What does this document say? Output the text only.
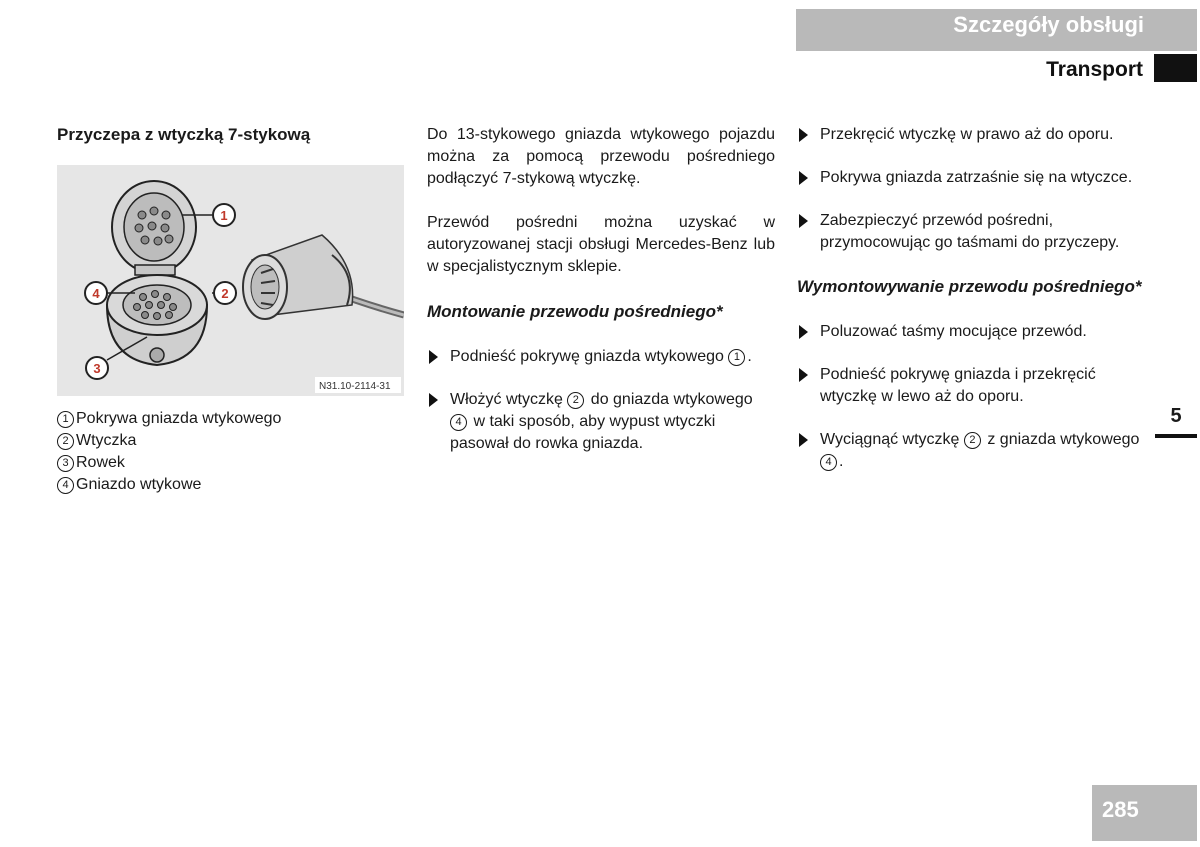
Szczegóły obsługi
Transport
5
285
Przyczepa z wtyczką 7-stykową
1
2
4
3
N31.10-2114-31
1 Pokrywa gniazda wtykowego
2 Wtyczka
3 Rowek
4 Gniazdo wtykowe

Do 13-stykowego gniazda wtykowego pojazdu można za pomocą przewodu pośredniego podłączyć 7-stykową wtyczkę.

Przewód pośredni można uzyskać w autoryzowanej stacji obsługi Mercedes-Benz lub w specjalistycznym sklepie.

Montowanie przewodu pośredniego*
Podnieść pokrywę gniazda wtykowego 1 .
Włożyć wtyczkę 2 do gniazda wtykowego 4 w taki sposób, aby wypust wtyczki pasował do rowka gniazda.
Przekręcić wtyczkę w prawo aż do oporu.
Pokrywa gniazda zatrzaśnie się na wtyczce.
Zabezpieczyć przewód pośredni, przymocowując go taśmami do przyczepy.
Wymontowywanie przewodu pośredniego*
Poluzować taśmy mocujące przewód.
Podnieść pokrywę gniazda i przekręcić wtyczkę w lewo aż do oporu.
Wyciągnąć wtyczkę 2 z gniazda wtykowego 4 .
